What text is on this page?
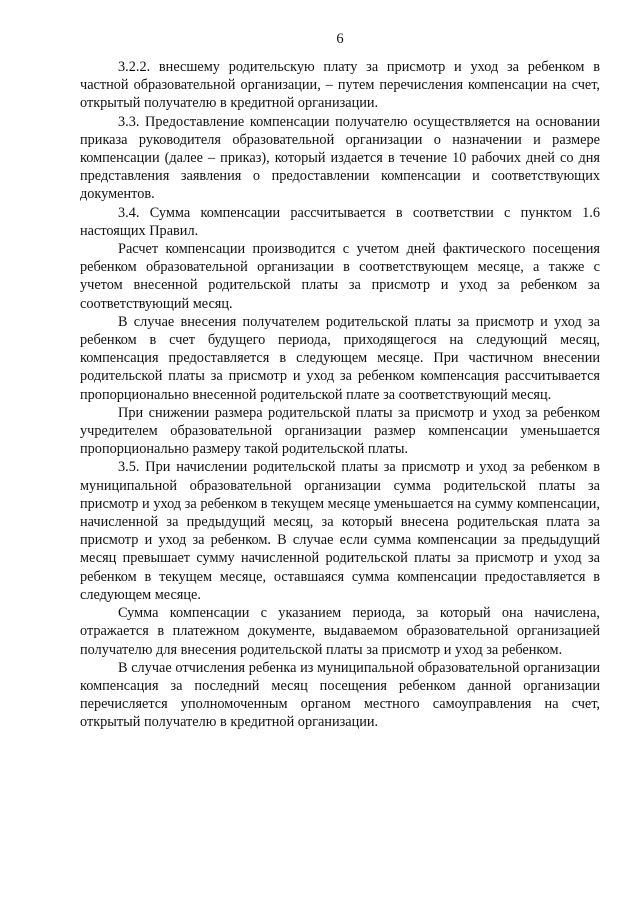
6

3.2.2. внесшему родительскую плату за присмотр и уход за ребенком в частной образовательной организации, – путем перечисления компенсации на счет, открытый получателю в кредитной организации.

3.3. Предоставление компенсации получателю осуществляется на основании приказа руководителя образовательной организации о назначении и размере компенсации (далее – приказ), который издается в течение 10 рабочих дней со дня представления заявления о предоставлении компенсации и соответствующих документов.

3.4. Сумма компенсации рассчитывается в соответствии с пунктом 1.6 настоящих Правил.

Расчет компенсации производится с учетом дней фактического посещения ребенком образовательной организации в соответствующем месяце, а также с учетом внесенной родительской платы за присмотр и уход за ребенком за соответствующий месяц.

В случае внесения получателем родительской платы за присмотр и уход за ребенком в счет будущего периода, приходящегося на следующий месяц, компенсация предоставляется в следующем месяце. При частичном внесении родительской платы за присмотр и уход за ребенком компенсация рассчитывается пропорционально внесенной родительской плате за соответствующий месяц.

При снижении размера родительской платы за присмотр и уход за ребенком учредителем образовательной организации размер компенсации уменьшается пропорционально размеру такой родительской платы.

3.5. При начислении родительской платы за присмотр и уход за ребенком в муниципальной образовательной организации сумма родительской платы за присмотр и уход за ребенком в текущем месяце уменьшается на сумму компенсации, начисленной за предыдущий месяц, за который внесена родительская плата за присмотр и уход за ребенком. В случае если сумма компенсации за предыдущий месяц превышает сумму начисленной родительской платы за присмотр и уход за ребенком в текущем месяце, оставшаяся сумма компенсации предоставляется в следующем месяце.

Сумма компенсации с указанием периода, за который она начислена, отражается в платежном документе, выдаваемом образовательной организацией получателю для внесения родительской платы за присмотр и уход за ребенком.

В случае отчисления ребенка из муниципальной образовательной организации компенсация за последний месяц посещения ребенком данной организации перечисляется уполномоченным органом местного самоуправления на счет, открытый получателю в кредитной организации.
